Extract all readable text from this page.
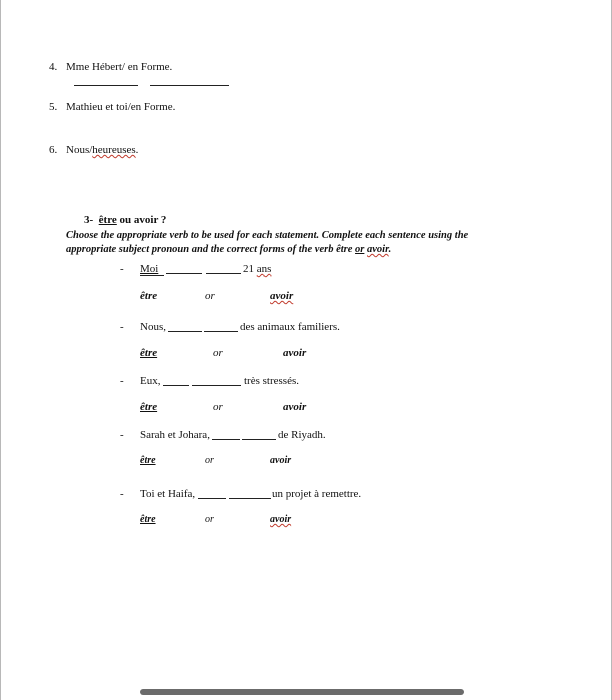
4. Mme Hébert/ en Forme.
5. Mathieu et toi/en Forme.
6. Nous/heureuses.
3- être ou avoir ?
Choose the appropriate verb to be used for each statement. Complete each sentence using the
appropriate subject pronoun and the correct forms of the verb être or avoir.
- Moi	21 ans
être	or	avoir
- Nous,	des animaux familiers.
être	or	avoir
- Eux,	très stressés.
être	or	avoir
- Sarah et Johara,	de Riyadh.
être	or	avoir
- Toi et Haifa,	un projet à remettre.
être	or	avoir
